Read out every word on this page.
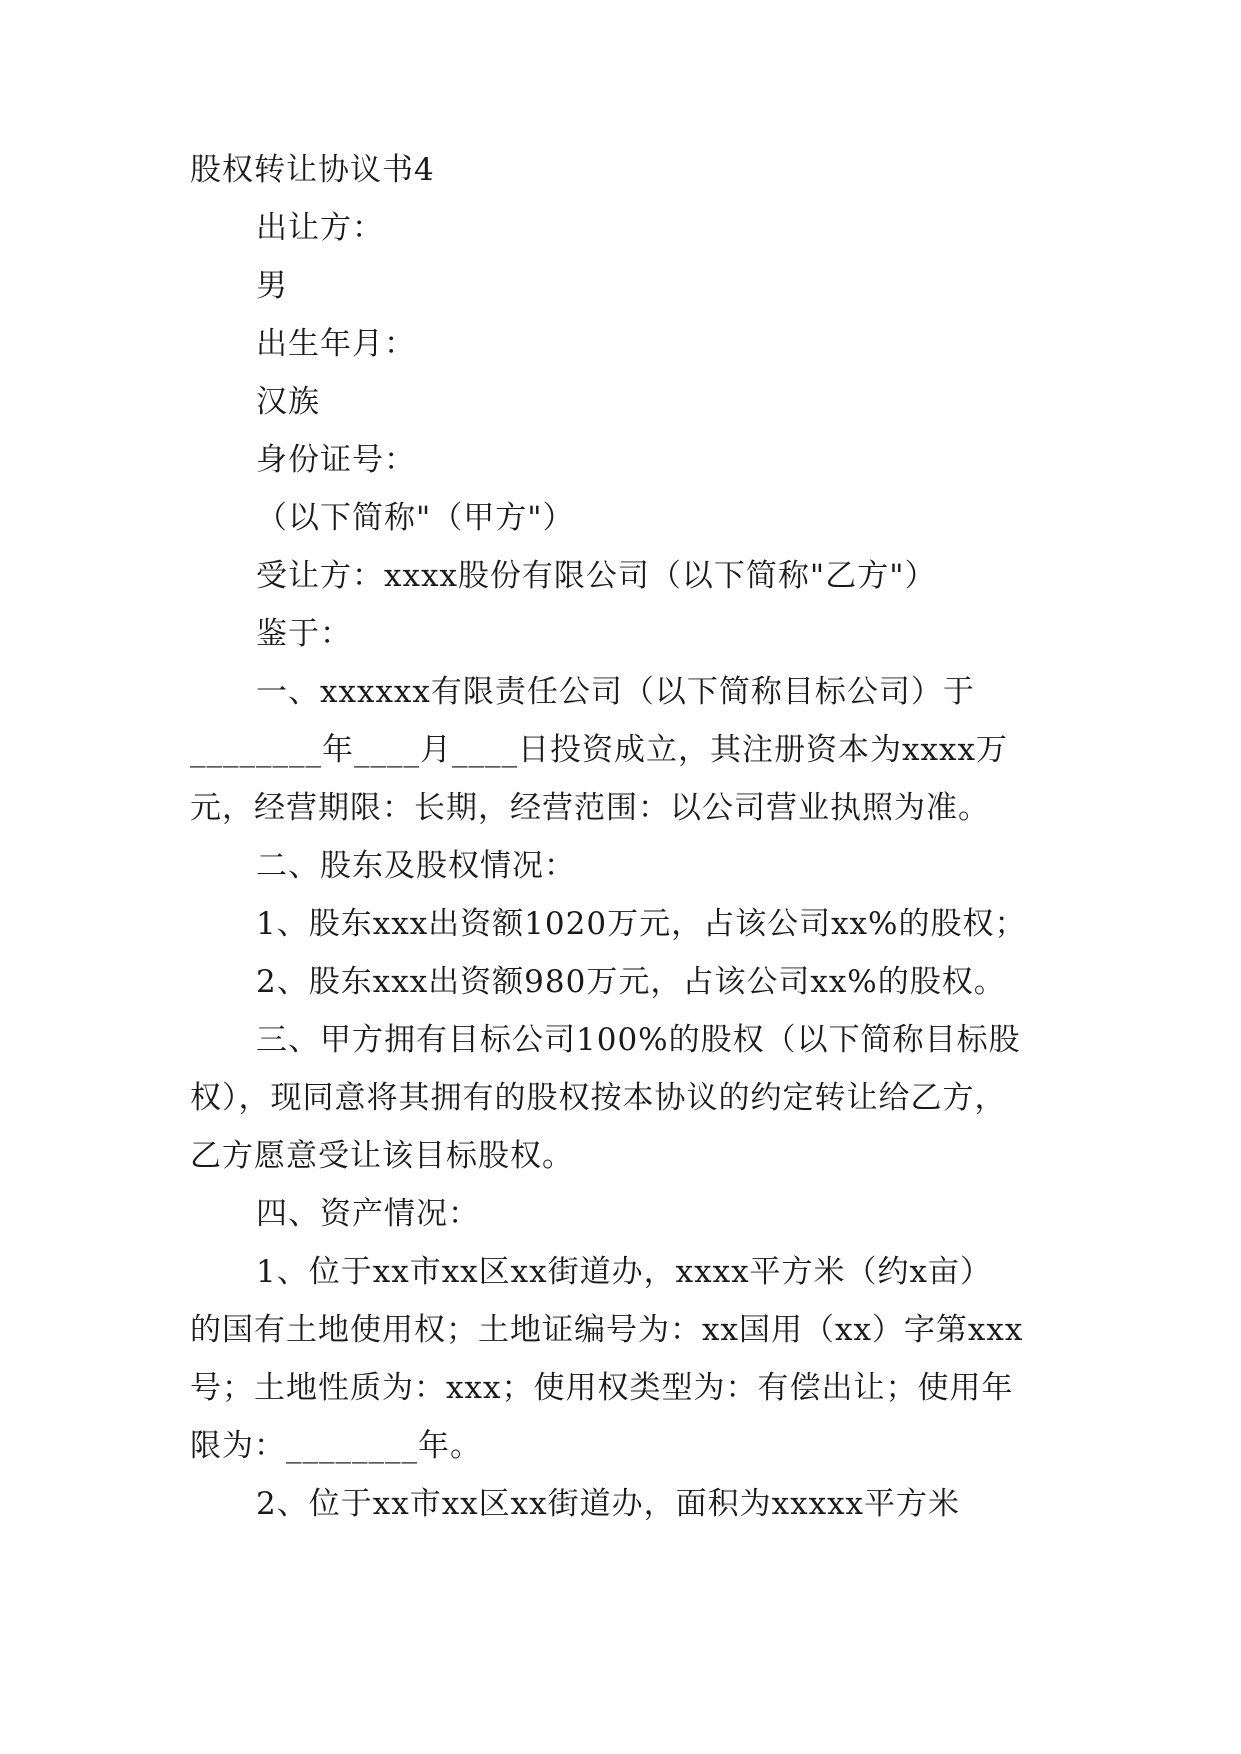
股权转让协议书4
出让方：
男
出生年月：
汉族
身份证号：
（以下简称"（甲方"）
受让方：xxxx股份有限公司（以下简称"乙方"）
鉴于：
一、xxxxxx有限责任公司（以下简称目标公司）于
________年____月____日投资成立，其注册资本为xxxx万
元，经营期限：长期，经营范围：以公司营业执照为准。
二、股东及股权情况：
1、股东xxx出资额1020万元，占该公司xx%的股权；
2、股东xxx出资额980万元，占该公司xx%的股权。
三、甲方拥有目标公司100%的股权（以下简称目标股
权），现同意将其拥有的股权按本协议的约定转让给乙方，
乙方愿意受让该目标股权。
四、资产情况：
1、位于xx市xx区xx街道办，xxxx平方米（约x亩）
的国有土地使用权；土地证编号为：xx国用（xx）字第xxx
号；土地性质为：xxx；使用权类型为：有偿出让；使用年
限为：________年。
2、位于xx市xx区xx街道办，面积为xxxxx平方米
